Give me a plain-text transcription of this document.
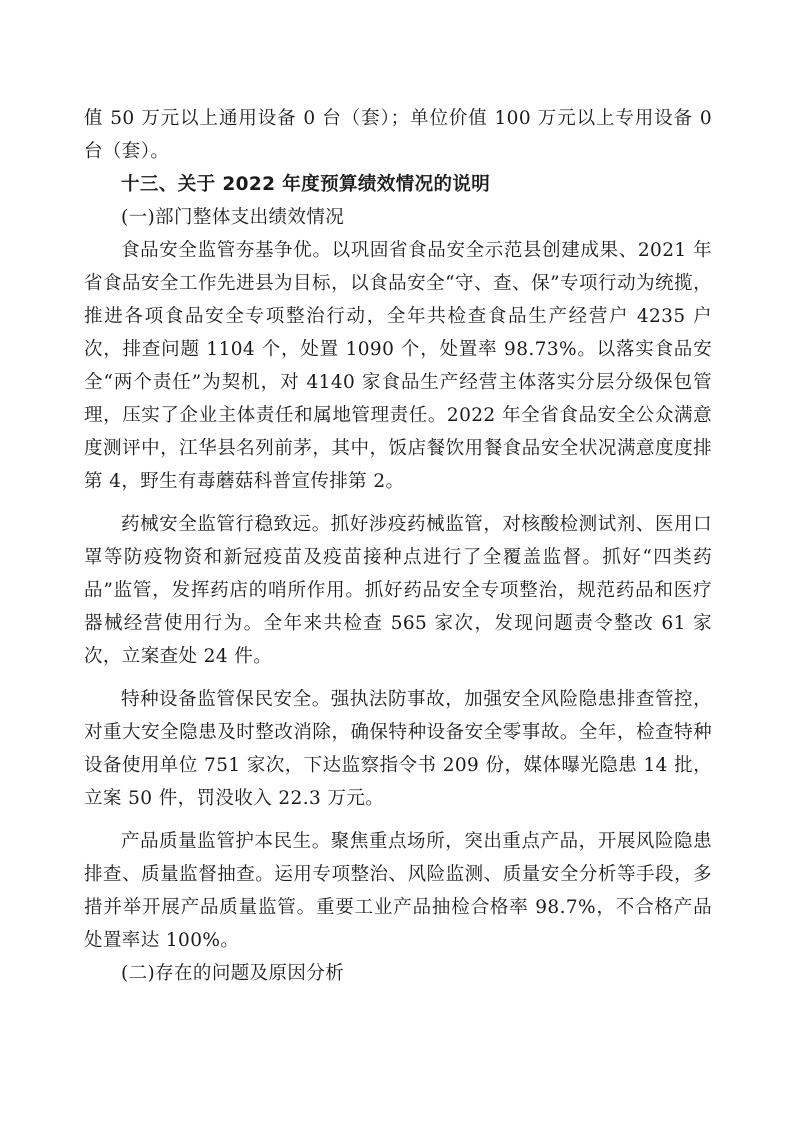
值 50 万元以上通用设备 0 台（套）；单位价值 100 万元以上专用设备 0 台（套）。

十三、关于 2022 年度预算绩效情况的说明

(一)部门整体支出绩效情况

食品安全监管夯基争优。以巩固省食品安全示范县创建成果、2021 年省食品安全工作先进县为目标，以食品安全“守、查、保”专项行动为统揽，推进各项食品安全专项整治行动，全年共检查食品生产经营户 4235 户次，排查问题 1104 个，处置 1090 个，处置率 98.73%。以落实食品安全“两个责任”为契机，对 4140 家食品生产经营主体落实分层分级保包管理，压实了企业主体责任和属地管理责任。2022 年全省食品安全公众满意度测评中，江华县名列前茅，其中，饭店餐饮用餐食品安全状况满意度度排第 4，野生有毒蘑菇科普宣传排第 2。

药械安全监管行稳致远。抓好涉疫药械监管，对核酸检测试剂、医用口罩等防疫物资和新冠疫苗及疫苗接种点进行了全覆盖监督。抓好“四类药品”监管，发挥药店的哨所作用。抓好药品安全专项整治，规范药品和医疗器械经营使用行为。全年来共检查 565 家次，发现问题责令整改 61 家次，立案查处 24 件。

特种设备监管保民安全。强执法防事故，加强安全风险隐患排查管控，对重大安全隐患及时整改消除，确保特种设备安全零事故。全年，检查特种设备使用单位 751 家次，下达监察指令书 209 份，媒体曝光隐患 14 批，立案 50 件，罚没收入 22.3 万元。

产品质量监管护本民生。聚焦重点场所，突出重点产品，开展风险隐患排查、质量监督抽查。运用专项整治、风险监测、质量安全分析等手段，多措并举开展产品质量监管。重要工业产品抽检合格率 98.7%，不合格产品处置率达 100%。

(二)存在的问题及原因分析
